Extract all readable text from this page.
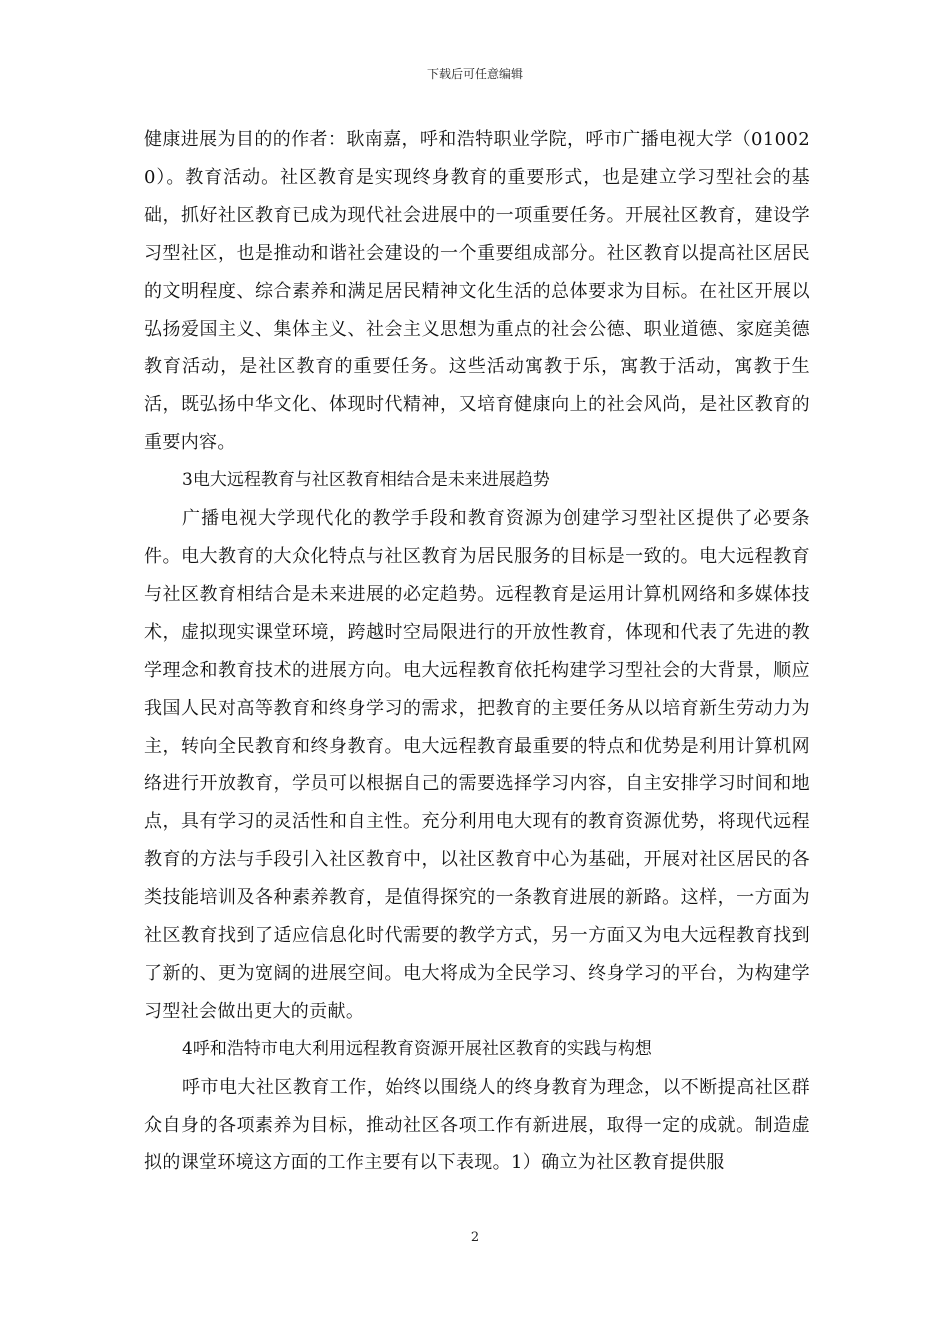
下载后可任意编辑

健康进展为目的的作者：耿南嘉，呼和浩特职业学院，呼市广播电视大学（010020）。教育活动。社区教育是实现终身教育的重要形式，也是建立学习型社会的基础，抓好社区教育已成为现代社会进展中的一项重要任务。开展社区教育，建设学习型社区，也是推动和谐社会建设的一个重要组成部分。社区教育以提高社区居民的文明程度、综合素养和满足居民精神文化生活的总体要求为目标。在社区开展以弘扬爱国主义、集体主义、社会主义思想为重点的社会公德、职业道德、家庭美德教育活动，是社区教育的重要任务。这些活动寓教于乐，寓教于活动，寓教于生活，既弘扬中华文化、体现时代精神，又培育健康向上的社会风尚，是社区教育的重要内容。

3电大远程教育与社区教育相结合是未来进展趋势

广播电视大学现代化的教学手段和教育资源为创建学习型社区提供了必要条件。电大教育的大众化特点与社区教育为居民服务的目标是一致的。电大远程教育与社区教育相结合是未来进展的必定趋势。远程教育是运用计算机网络和多媒体技术，虚拟现实课堂环境，跨越时空局限进行的开放性教育，体现和代表了先进的教学理念和教育技术的进展方向。电大远程教育依托构建学习型社会的大背景，顺应我国人民对高等教育和终身学习的需求，把教育的主要任务从以培育新生劳动力为主，转向全民教育和终身教育。电大远程教育最重要的特点和优势是利用计算机网络进行开放教育，学员可以根据自己的需要选择学习内容，自主安排学习时间和地点，具有学习的灵活性和自主性。充分利用电大现有的教育资源优势，将现代远程教育的方法与手段引入社区教育中，以社区教育中心为基础，开展对社区居民的各类技能培训及各种素养教育，是值得探究的一条教育进展的新路。这样，一方面为社区教育找到了适应信息化时代需要的教学方式，另一方面又为电大远程教育找到了新的、更为宽阔的进展空间。电大将成为全民学习、终身学习的平台，为构建学习型社会做出更大的贡献。

4呼和浩特市电大利用远程教育资源开展社区教育的实践与构想

呼市电大社区教育工作，始终以围绕人的终身教育为理念，以不断提高社区群众自身的各项素养为目标，推动社区各项工作有新进展，取得一定的成就。制造虚拟的课堂环境这方面的工作主要有以下表现。1）确立为社区教育提供服

2
